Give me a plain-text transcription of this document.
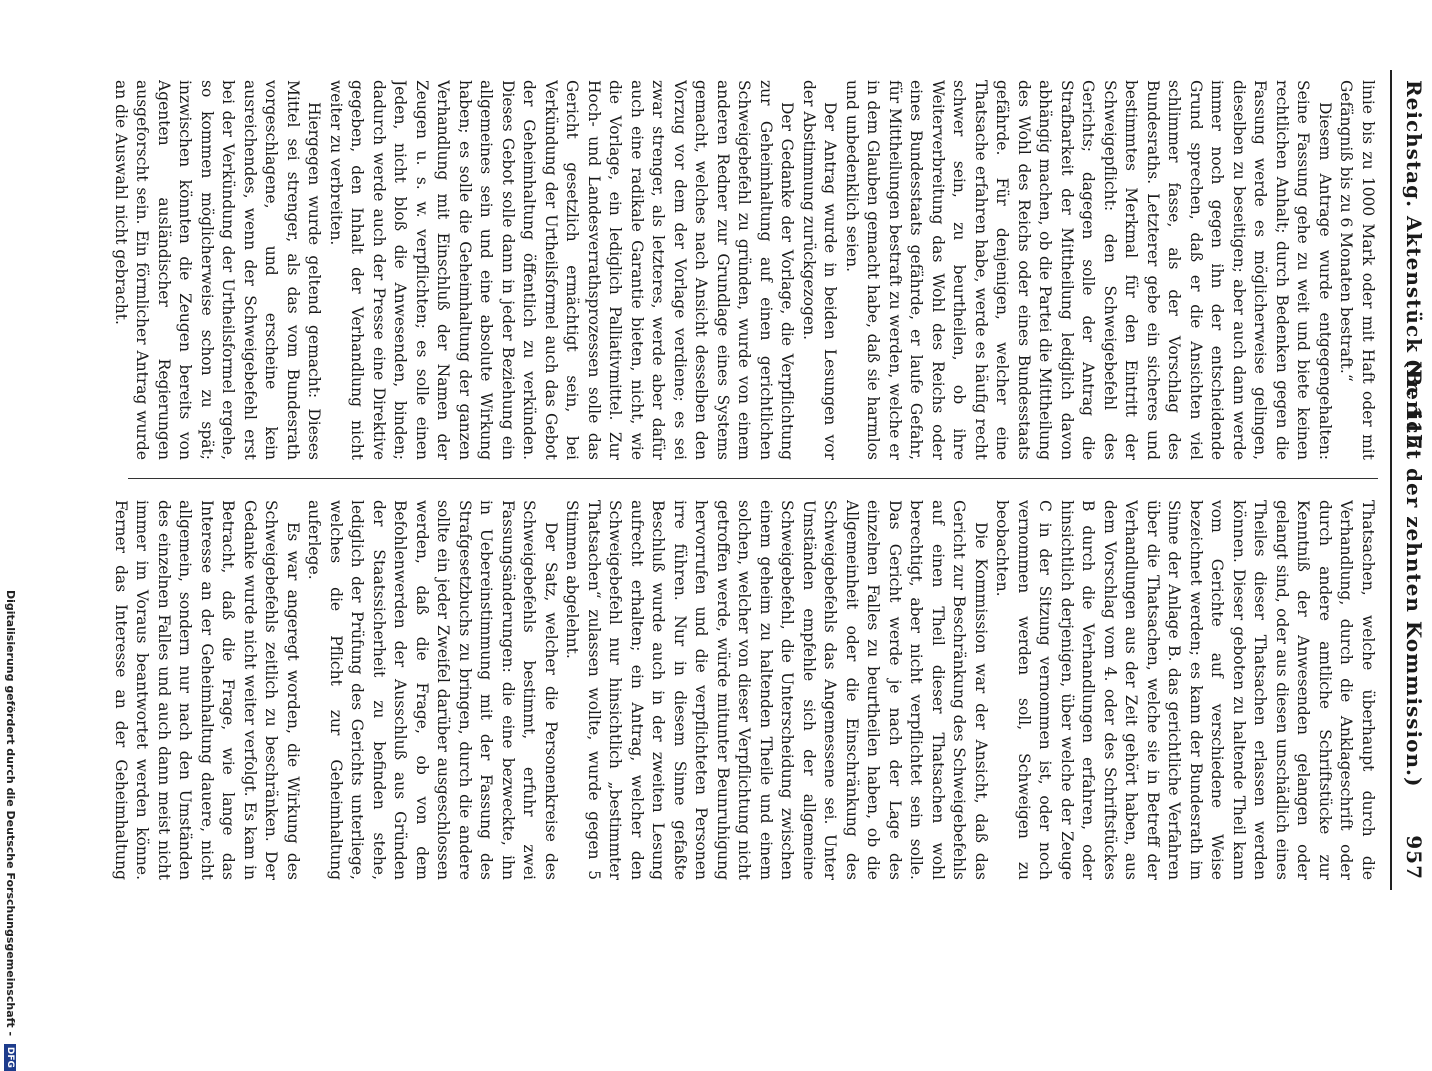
Reichstag. Aktenstück Nr. 117.
(Bericht der zehnten Kommission.)      957

linie bis zu 1000 Mark oder mit Haft oder mit Gefängniß bis zu 6 Monaten bestraft.“

Diesem Antrage wurde entgegengehalten: Seine Fassung gehe zu weit und biete keinen rechtlichen Anhalt; durch Bedenken gegen die Fassung werde es möglicherweise gelingen, dieselben zu beseitigen; aber auch dann werde immer noch gegen ihn der entscheidende Grund sprechen, daß er die Ansichten viel schlimmer fasse, als der Vorschlag des Bundesraths. Letzterer gebe ein sicheres und bestimmtes Merkmal für den Eintritt der Schweigepflicht: den Schweigebefehl des Gerichts; dagegen solle der Antrag die Strafbarkeit der Mittheilung lediglich davon abhängig machen, ob die Partei die Mittheilung des Wohl des Reichs oder eines Bundesstaats gefährde. Für denjenigen, welcher eine Thatsache erfahren habe, werde es häufig recht schwer sein, zu beurtheilen, ob ihre Weiterverbreitung das Wohl des Reichs oder eines Bundesstaats gefährde, er laufe Gefahr, für Mittheilungen bestraft zu werden, welche er in dem Glauben gemacht habe, daß sie harmlos und unbedenklich seien.

Der Antrag wurde in beiden Lesungen vor der Abstimmung zurückgezogen.

Der Gedanke der Vorlage, die Verpflichtung zur Geheimhaltung auf einen gerichtlichen Schweigebefehl zu gründen, wurde von einem anderen Redner zur Grundlage eines Systems gemacht, welches nach Ansicht desselben den Vorzug vor dem der Vorlage verdiene; es sei zwar strenger, als letzteres, werde aber dafür auch eine radikale Garantie bieten, nicht, wie die Vorlage, ein lediglich Palliativmittel. Zur Hoch- und Landesverrathsprozessen solle das Gericht gesetzlich ermächtigt sein, bei Verkündung der Urtheilsformel auch das Gebot der Geheimhaltung öffentlich zu verkünden. Dieses Gebot solle dann in jeder Beziehung ein allgemeines sein und eine absolute Wirkung haben; es solle die Geheimhaltung der ganzen Verhandlung mit Einschluß der Namen der Zeugen u. s. w. verpflichten; es solle einen Jeden, nicht bloß die Anwesenden, binden; dadurch werde auch der Presse eine Direktive gegeben, den Inhalt der Verhandlung nicht weiter zu verbreiten.

Hiergegen wurde geltend gemacht: Dieses Mittel sei strenger, als das vom Bundesrath vorgeschlagene, und erscheine kein ausreichendes, wenn der Schweigebefehl erst bei der Verkündung der Urtheilsformel ergehe, so kommen möglicherweise schon zu spät; inzwischen könnten die Zeugen bereits von Agenten ausländischer Regierungen ausgeforscht sein. Ein förmlicher Antrag wurde an die Auswahl nicht gebracht.

Thatsachen, welche überhaupt durch die Verhandlung, durch die Anklageschrift oder durch andere amtliche Schriftstücke zur Kenntniß der Anwesenden gelangen oder gelangt sind, oder aus diesen unschädlich eines Theiles dieser Thatsachen erlassen werden können. Dieser geboten zu haltende Theil kann vom Gerichte auf verschiedene Weise bezeichnet werden; es kann der Bundesrath im Sinne der Anlage B. das gerichtliche Verfahren über die Thatsachen, welche sie in Betreff der Verhandlungen aus der Zeit gehört haben, aus dem Vorschlag vom 4. oder des Schriftstückes B durch die Verhandlungen erfahren, oder hinsichtlich derjenigen, über welche der Zeuge C in der Sitzung vernommen ist, oder noch vernommen werden soll, Schweigen zu beobachten.

Die Kommission war der Ansicht, daß das Gericht zur Beschränkung des Schweigebefehls auf einen Theil dieser Thatsachen wohl berechtigt, aber nicht verpflichtet sein solle. Das Gericht werde je nach der Lage des einzelnen Falles zu beurtheilen haben, ob die Allgemeinheit oder die Einschränkung des Schweigebefehls das Angemessene sei. Unter Umständen empfehle sich der allgemeine Schweigebefehl, die Unterscheidung zwischen einem geheim zu haltenden Theile und einem solchen, welcher von dieser Verpflichtung nicht getroffen werde, würde mitunter Beunruhigung hervorrufen und die verpflichteten Personen irre führen. Nur in diesem Sinne gefaßte Beschluß wurde auch in der zweiten Lesung aufrecht erhalten; ein Antrag, welcher den Schweigebefehl nur hinsichtlich „bestimmter Thatsachen“ zulassen wollte, wurde gegen 5 Stimmen abgelehnt.

Der Satz, welcher die Personenkreise des Schweigebefehls bestimmt, erfuhr zwei Fassungsänderungen: die eine bezweckte, ihn in Uebereinstimmung mit der Fassung des Strafgesetzbuchs zu bringen, durch die andere sollte ein jeder Zweifel darüber ausgeschlossen werden, daß die Frage, ob von dem Befohlenwerden der Ausschluß aus Gründen der Staatssicherheit zu befinden stehe, lediglich der Prüfung des Gerichts unterliege, welches die Pflicht zur Geheimhaltung auferlege.

Es war angeregt worden, die Wirkung des Schweigebefehls zeitlich zu beschränken. Der Gedanke wurde nicht weiter verfolgt. Es kam in Betracht, daß die Frage, wie lange das Interesse an der Geheimhaltung dauere, nicht allgemein, sondern nur nach den Umständen des einzelnen Falles und auch dann meist nicht immer im Voraus beantwortet werden könne. Ferner das Interesse an der Geheimhaltung

Digitalisierung gefördert durch die Deutsche Forschungsgemeinschaft - DFG
